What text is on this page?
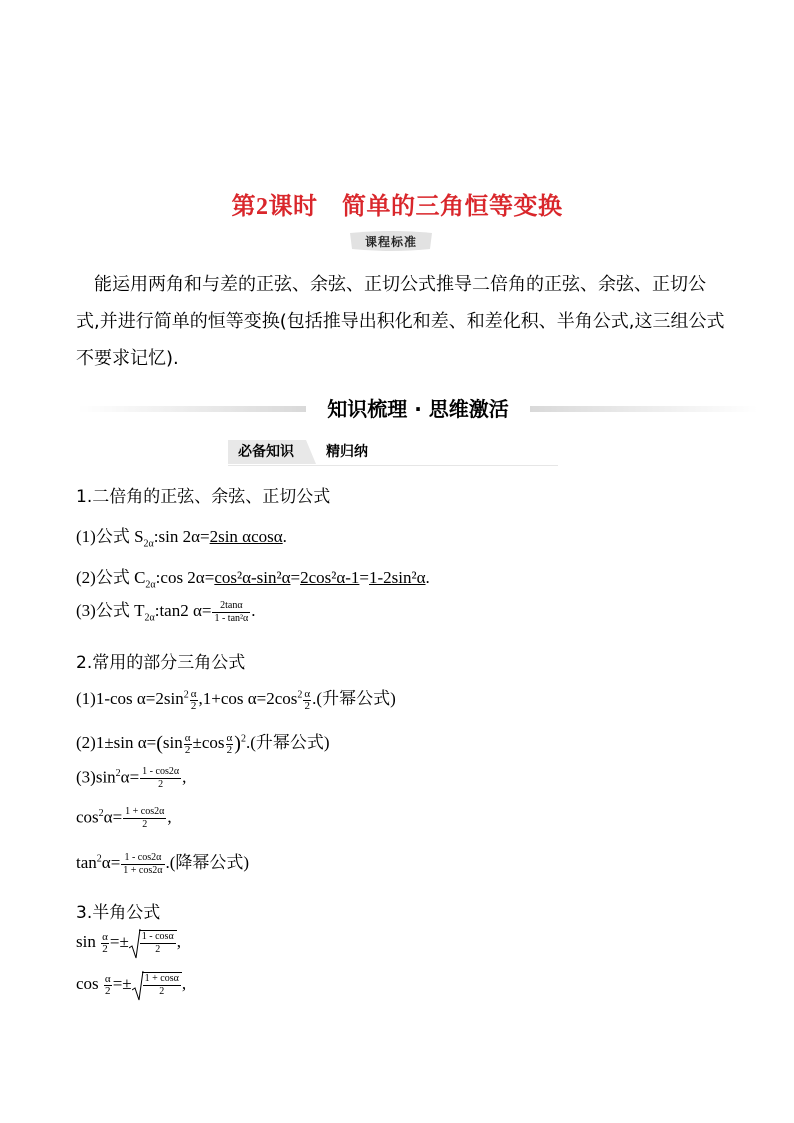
第2课时　简单的三角恒等变换
课程标准
能运用两角和与差的正弦、余弦、正切公式推导二倍角的正弦、余弦、正切公式,并进行简单的恒等变换(包括推导出积化和差、和差化积、半角公式,这三组公式不要求记忆).
知识梳理 · 思维激活
必备知识	精归纳
1.二倍角的正弦、余弦、正切公式
(1)公式 $S_{2\alpha}:\sin$ 2α=2sin αcosα.
(2)公式 $C_{2\alpha}:\cos$ 2α=cos²α-sin²α=2cos²α-1=1-2sin²α.
(3)公式 $T_{2\alpha}:\tan 2$ $\alpha= \frac{2\tan\alpha}{\text{1 - tan²α}}$ .
2.常用的部分三角公式
(1)1-cos $\alpha=2\sin^2 \frac{\alpha}{2} ,1+\cos$ $\alpha=2\cos^2 \frac{\alpha}{2}$ .(升幂公式)
(2)1±sin $\alpha=(\sin \frac{\alpha}{2} \pm\cos \frac{\alpha}{2} )^2$.(升幂公式)
$(3)\sin^2\alpha= \frac{1 - \cos 2\alpha}{2}$ ,
$\cos^2\alpha= \frac{1 + \cos 2\alpha}{2}$ ,
$\tan^2\alpha= \frac{1 - \cos 2\alpha}{1 + \cos 2\alpha}$ .(降幂公式)
3.半角公式
$\sin \frac{\alpha}{2} =\pm \frac{1 - \cos\alpha}{2}$ ,
$\cos \frac{\alpha}{2} =\pm \frac{1 + \cos\alpha}{2}$ ,
